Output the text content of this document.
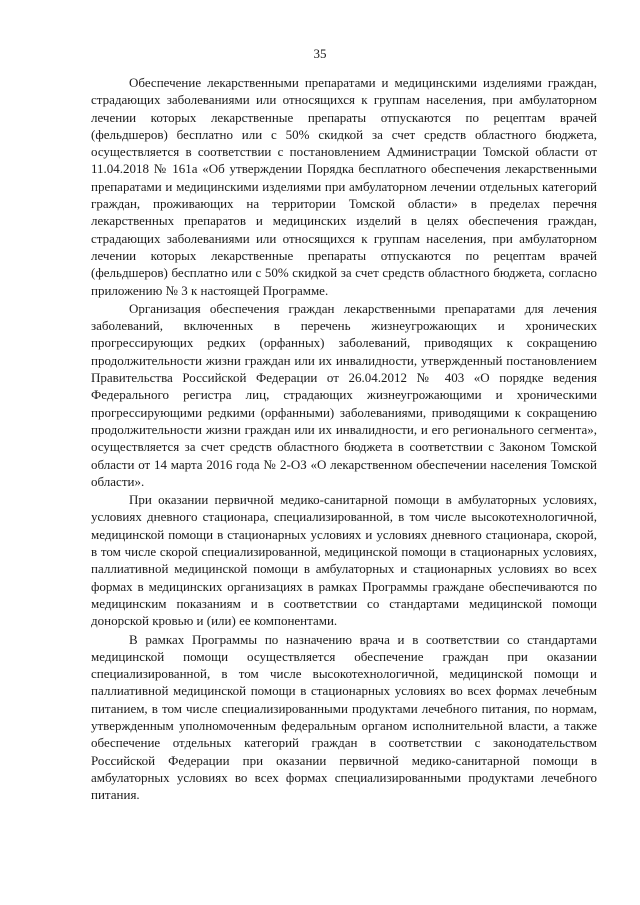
35

Обеспечение лекарственными препаратами и медицинскими изделиями граждан, страдающих заболеваниями или относящихся к группам населения, при амбулаторном лечении которых лекарственные препараты отпускаются по рецептам врачей (фельдшеров) бесплатно или с 50% скидкой за счет средств областного бюджета, осуществляется в соответствии с постановлением Администрации Томской области от 11.04.2018 № 161а «Об утверждении Порядка бесплатного обеспечения лекарственными препаратами и медицинскими изделиями при амбулаторном лечении отдельных категорий граждан, проживающих на территории Томской области» в пределах перечня лекарственных препаратов и медицинских изделий в целях обеспечения граждан, страдающих заболеваниями или относящихся к группам населения, при амбулаторном лечении которых лекарственные препараты отпускаются по рецептам врачей (фельдшеров) бесплатно или с 50% скидкой за счет средств областного бюджета, согласно приложению № 3 к настоящей Программе.

Организация обеспечения граждан лекарственными препаратами для лечения заболеваний, включенных в перечень жизнеугрожающих и хронических прогрессирующих редких (орфанных) заболеваний, приводящих к сокращению продолжительности жизни граждан или их инвалидности, утвержденный постановлением Правительства Российской Федерации от 26.04.2012 № 403 «О порядке ведения Федерального регистра лиц, страдающих жизнеугрожающими и хроническими прогрессирующими редкими (орфанными) заболеваниями, приводящими к сокращению продолжительности жизни граждан или их инвалидности, и его регионального сегмента», осуществляется за счет средств областного бюджета в соответствии с Законом Томской области от 14 марта 2016 года № 2-ОЗ «О лекарственном обеспечении населения Томской области».

При оказании первичной медико-санитарной помощи в амбулаторных условиях, условиях дневного стационара, специализированной, в том числе высокотехнологичной, медицинской помощи в стационарных условиях и условиях дневного стационара, скорой, в том числе скорой специализированной, медицинской помощи в стационарных условиях, паллиативной медицинской помощи в амбулаторных и стационарных условиях во всех формах в медицинских организациях в рамках Программы граждане обеспечиваются по медицинским показаниям и в соответствии со стандартами медицинской помощи донорской кровью и (или) ее компонентами.

В рамках Программы по назначению врача и в соответствии со стандартами медицинской помощи осуществляется обеспечение граждан при оказании специализированной, в том числе высокотехнологичной, медицинской помощи и паллиативной медицинской помощи в стационарных условиях во всех формах лечебным питанием, в том числе специализированными продуктами лечебного питания, по нормам, утвержденным уполномоченным федеральным органом исполнительной власти, а также обеспечение отдельных категорий граждан в соответствии с законодательством Российской Федерации при оказании первичной медико-санитарной помощи в амбулаторных условиях во всех формах специализированными продуктами лечебного питания.
